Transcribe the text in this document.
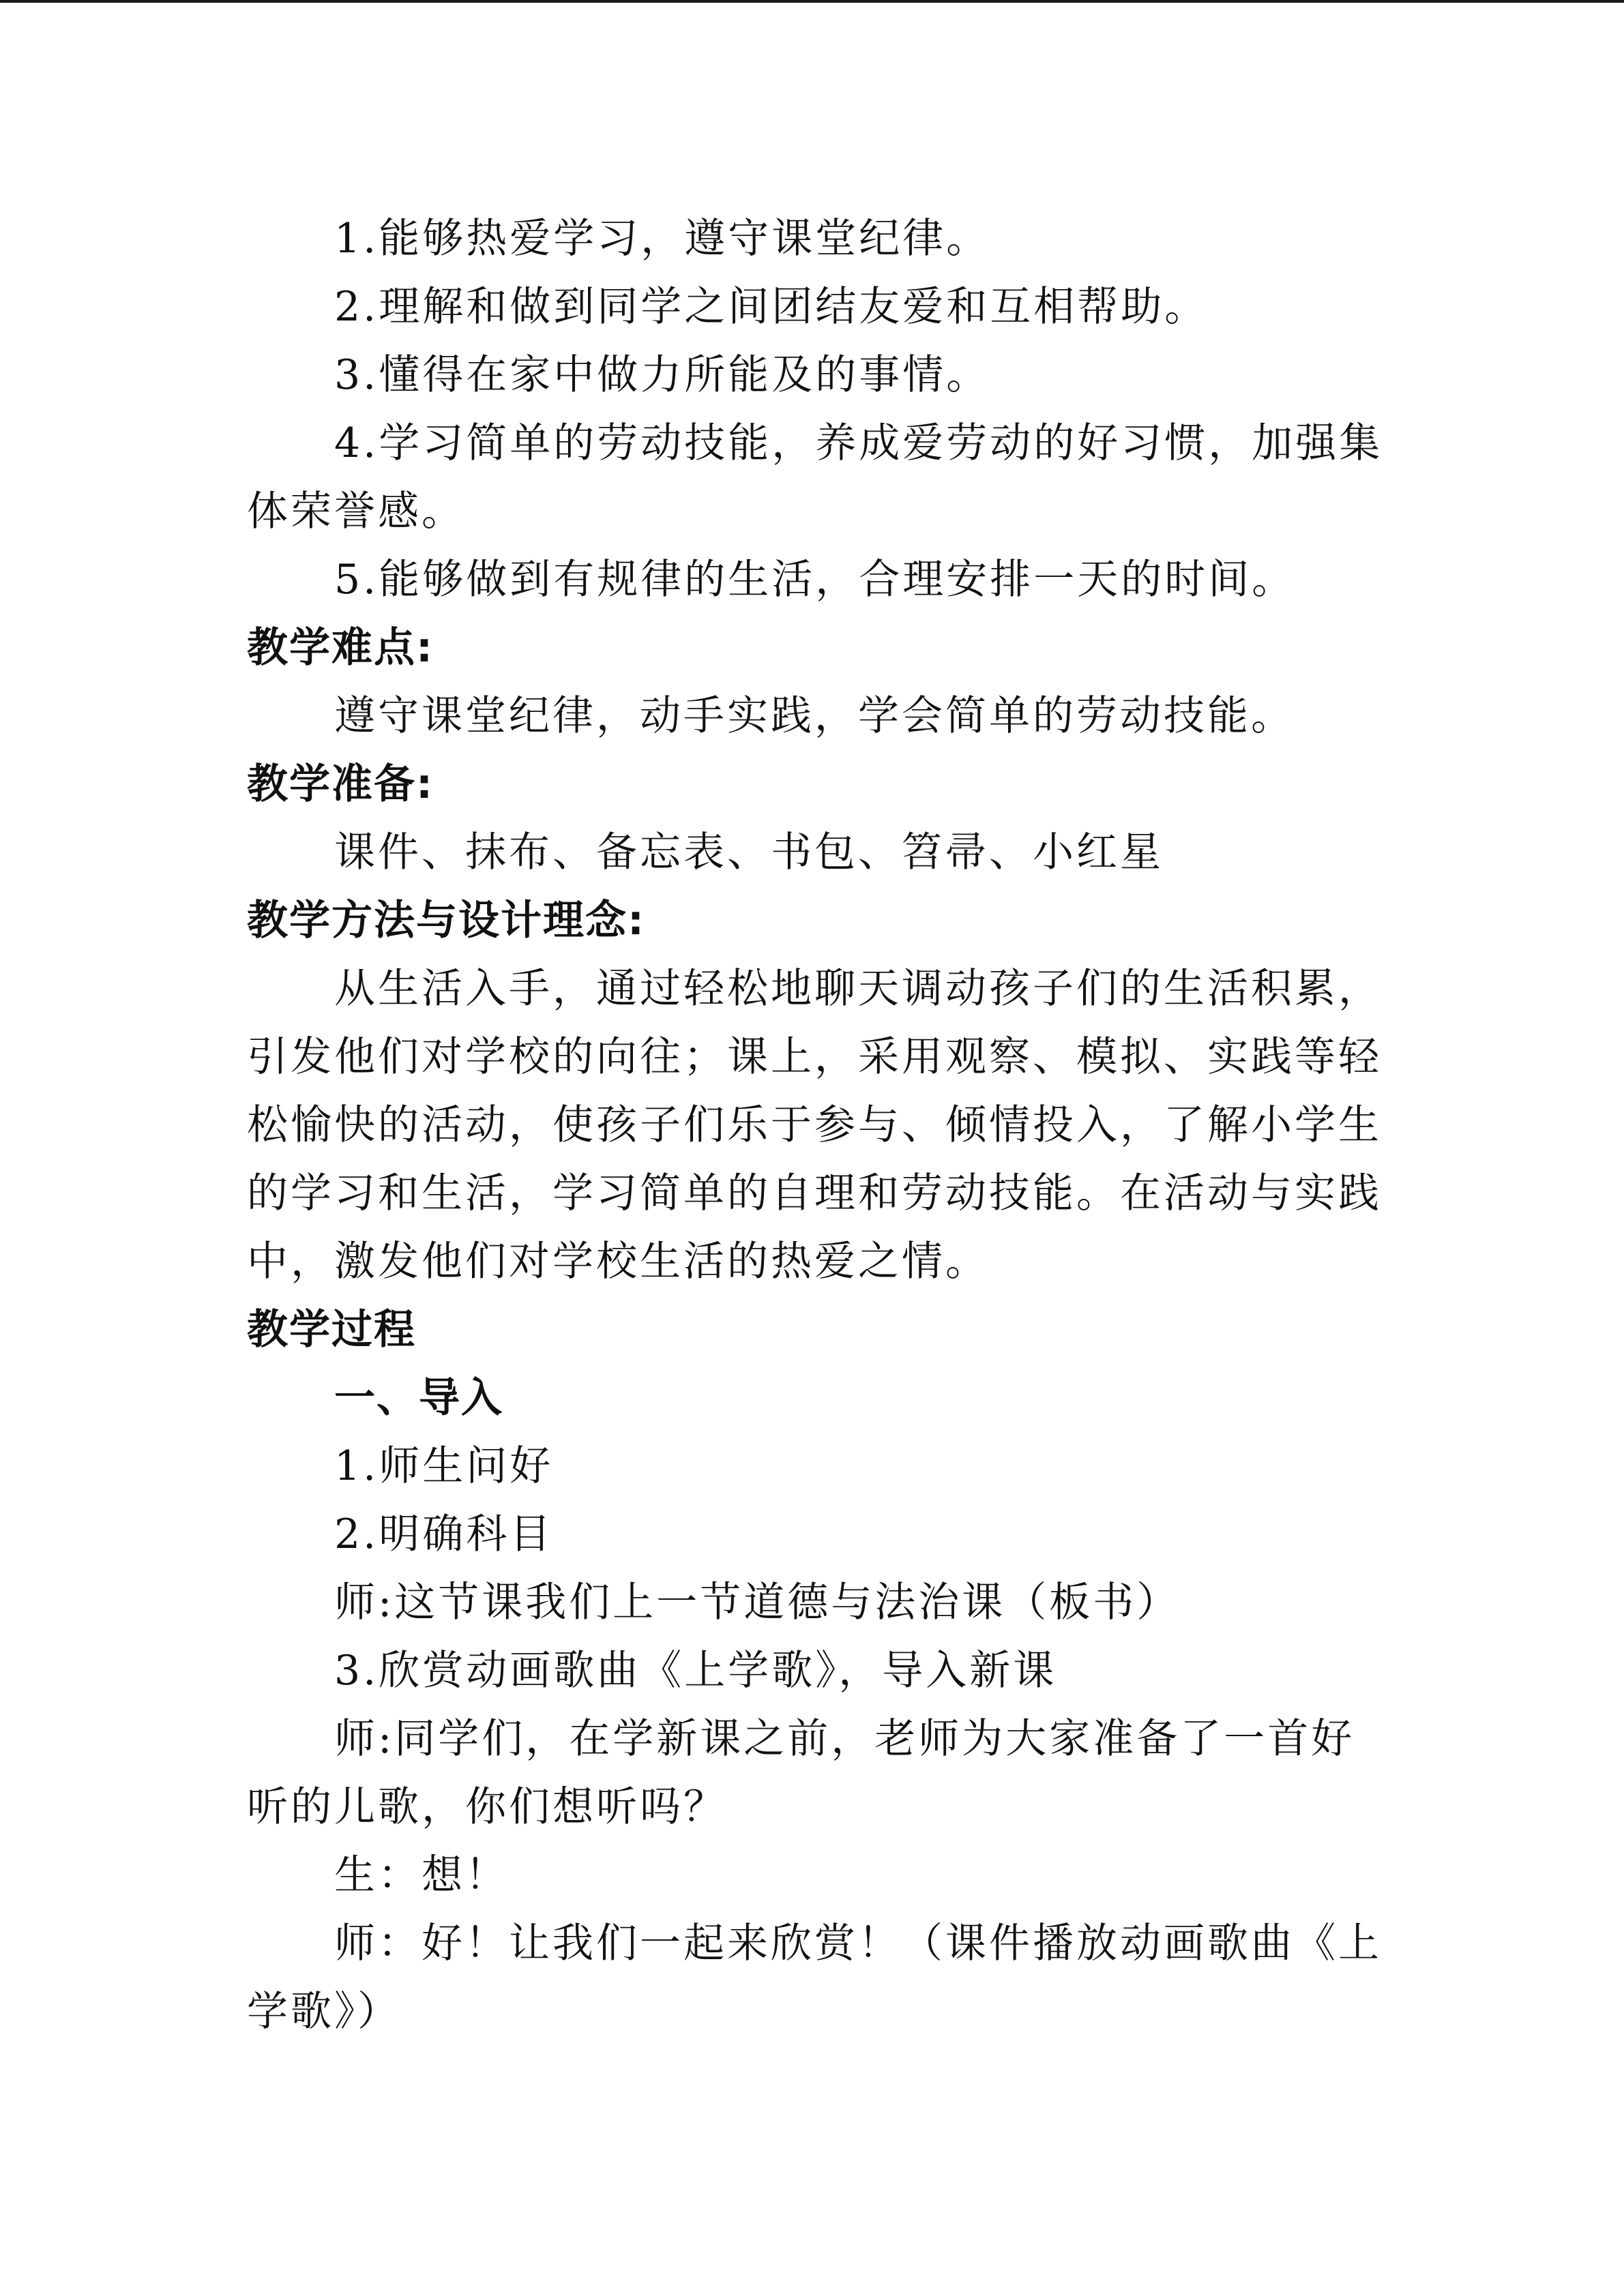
1.能够热爱学习，遵守课堂纪律。

2.理解和做到同学之间团结友爱和互相帮助。

3.懂得在家中做力所能及的事情。

4.学习简单的劳动技能，养成爱劳动的好习惯，加强集体荣誉感。

5.能够做到有规律的生活，合理安排一天的时间。

教学难点:

遵守课堂纪律，动手实践，学会简单的劳动技能。

教学准备:

课件、抹布、备忘表、书包、笤帚、小红星

教学方法与设计理念:

从生活入手，通过轻松地聊天调动孩子们的生活积累， 引发他们对学校的向往；课上，采用观察、模拟、实践等轻松愉快的活动，使孩子们乐于参与、倾情投入，了解小学生的学习和生活，学习简单的自理和劳动技能。在活动与实践中，激发他们对学校生活的热爱之情。

教学过程

一、导入

1.师生问好

2.明确科目

师:这节课我们上一节道德与法治课（板书）

3.欣赏动画歌曲《上学歌》，导入新课

师:同学们，在学新课之前，老师为大家准备了一首好听的儿歌，你们想听吗？

生：想！

师：好！让我们一起来欣赏！（课件播放动画歌曲《上学歌》）
